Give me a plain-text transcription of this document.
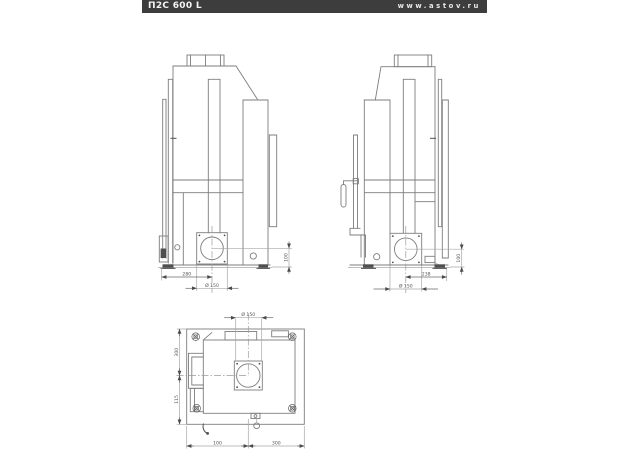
П2С 600 L	www.astov.ru
280
Ø 150
100
238
Ø 150
100
Ø 150
300
115
100	300
